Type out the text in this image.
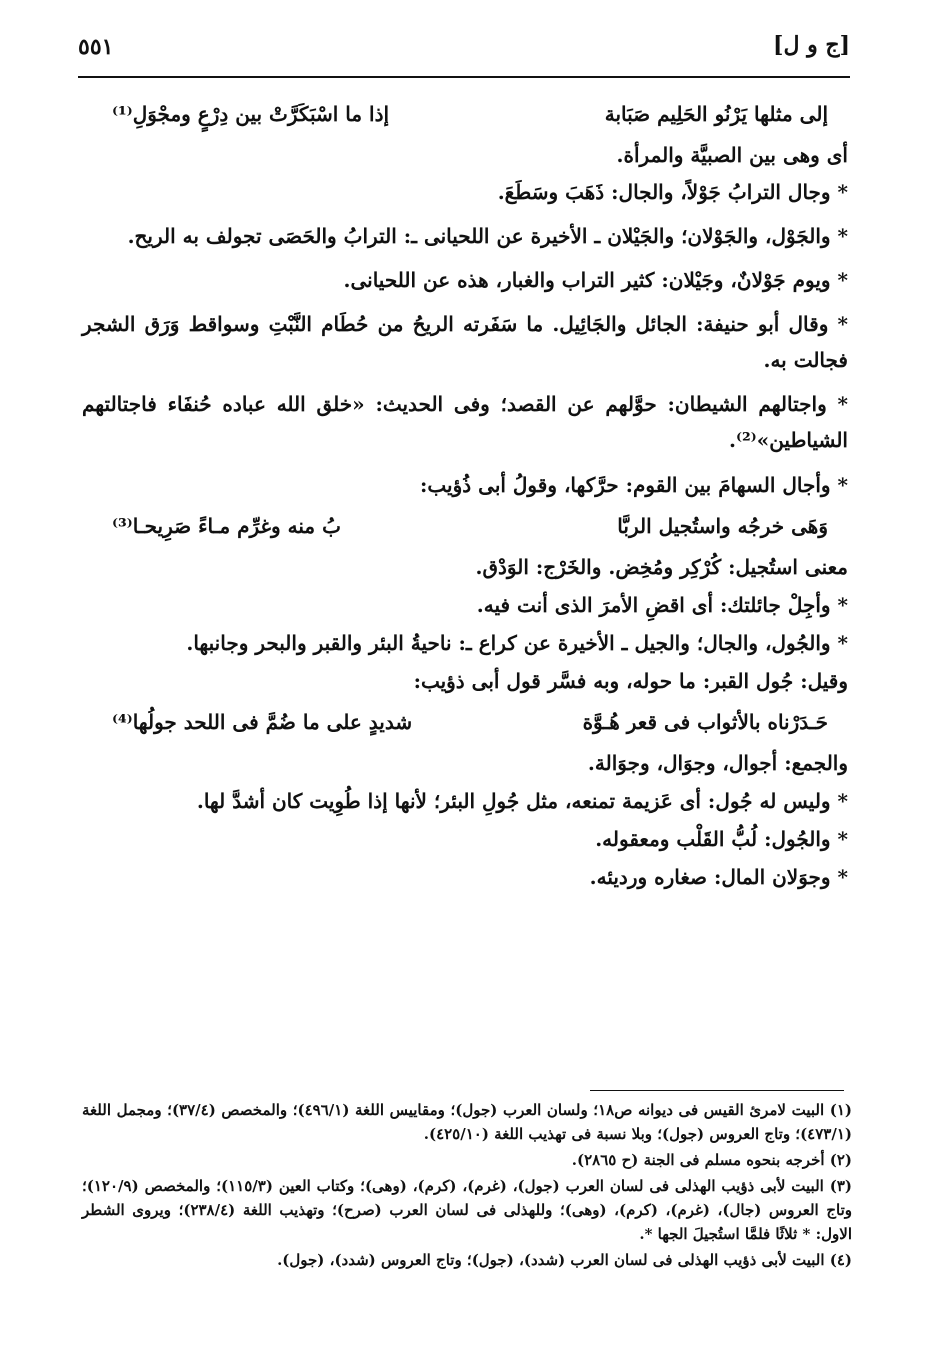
[ج و ل]
٥٥١
إلى مثلها يَرْنُو الحَلِيم صَبَابة
إذا ما اسْبَكَرَّتْ بين دِرْعٍ ومجْوَلِ⁽¹⁾

أى وهى بين الصبيَّة والمرأة.

* وجال الترابُ جَوْلاً، والجال: ذَهَبَ وسَطَعَ.

* والجَوْل، والجَوْلان؛ والجَيْلان ـ الأخيرة عن اللحيانى ـ: الترابُ والحَصَى تجولف به الريح.

* ويوم جَوْلانٌ، وجَيْلان: كثير التراب والغبار، هذه عن اللحيانى.

* وقال أبو حنيفة: الجائل والجَائِيل. ما سَفَرته الريحُ من حُطَام النَّبْتِ وسواقط وَرَق الشجر فجالت به.

* واجتالهم الشيطان: حوَّلهم عن القصد؛ وفى الحديث: «خلق الله عباده حُنفَاء فاجتالتهم الشياطين»⁽²⁾.

* وأجال السهامَ بين القوم: حرَّكها، وقولُ أبى ذُؤيب:

وَهَى خرجُه واستُجيل الربَّا
بُ منه وغرِّم مـاءً صَرِيحـا⁽³⁾

معنى استُجيل: كُرْكِر ومُخِض. والخَرْج: الوَدْق.

* وأجِلْ جائلتك: أى اقضِ الأمرَ الذى أنت فيه.

* والجُول، والجال؛ والجيل ـ الأخيرة عن كراع ـ: ناحيةُ البئر والقبر والبحر وجانبها.

وقيل: جُول القبر: ما حوله، وبه فسَّر قول أبى ذؤيب:

حَـدَرْناه بالأثواب فى قعر هُـوَّة
شديدٍ على ما ضُمَّ فى اللحد جولُها⁽⁴⁾

والجمع: أجوال، وجوَال، وجوَالة.

* وليس له جُول: أى عَزيمة تمنعه، مثل جُولِ البئر؛ لأنها إذا طُوِيت كان أشدَّ لها.

* والجُول: لُبُّ القَلْب ومعقوله.

* وجوَلان المال: صغاره ورديئه.

(١) البيت لامرئ القيس فى ديوانه ص١٨؛ ولسان العرب (جول)؛ ومقاييس اللغة (٤٩٦/١)؛ والمخصص (٣٧/٤)؛ ومجمل اللغة (٤٧٣/١)؛ وتاج العروس (جول)؛ وبلا نسبة فى تهذيب اللغة (٤٢٥/١٠).

(٢) أخرجه بنحوه مسلم فى الجنة (ح ٢٨٦٥).

(٣) البيت لأبى ذؤيب الهذلى فى لسان العرب (جول)، (غرم)، (كرم)، (وهى)؛ وكتاب العين (١١٥/٣)؛ والمخصص (١٢٠/٩)؛ وتاج العروس (جال)، (غرم)، (كرم)، (وهى)؛ وللهذلى فى لسان العرب (صرح)؛ وتهذيب اللغة (٢٣٨/٤)؛ ويروى الشطر الاول: * ثلاثًا فلمَّا استُجيلَ الجها *.

(٤) البيت لأبى ذؤيب الهذلى فى لسان العرب (شدد)، (جول)؛ وتاج العروس (شدد)، (جول).
